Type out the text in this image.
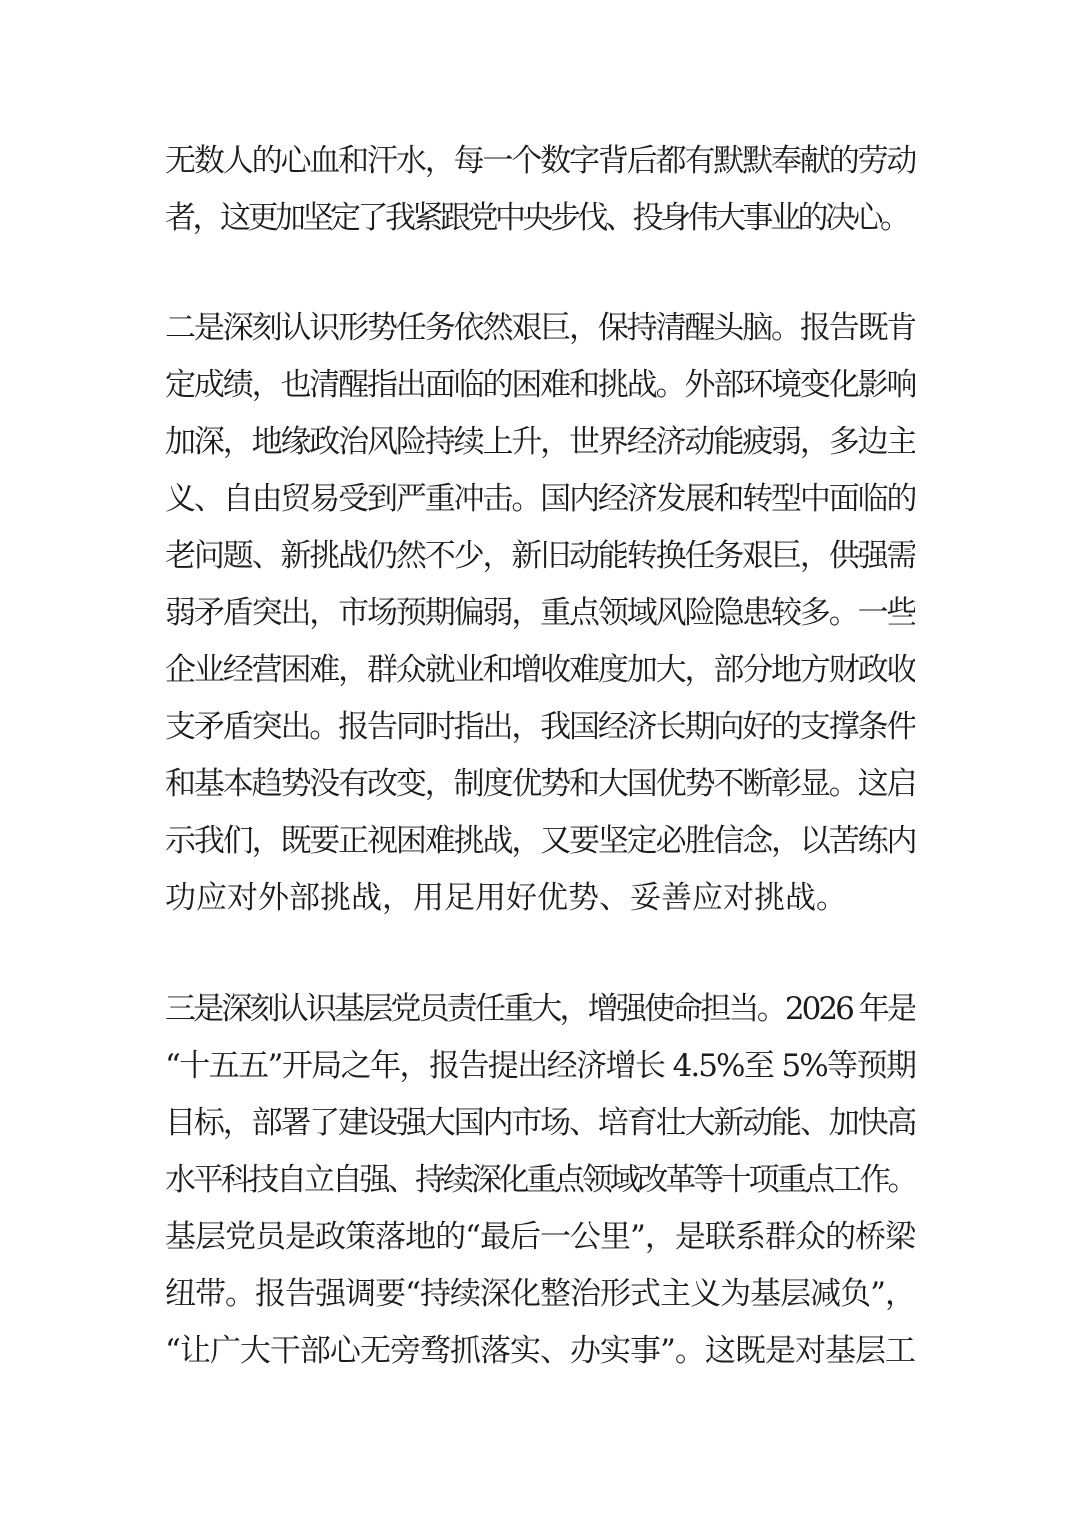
无数人的心血和汗水，每一个数字背后都有默默奉献的劳动
者，这更加坚定了我紧跟党中央步伐、投身伟大事业的决心。
二是深刻认识形势任务依然艰巨，保持清醒头脑。报告既肯
定成绩，也清醒指出面临的困难和挑战。外部环境变化影响
加深，地缘政治风险持续上升，世界经济动能疲弱，多边主
义、自由贸易受到严重冲击。国内经济发展和转型中面临的
老问题、新挑战仍然不少，新旧动能转换任务艰巨，供强需
弱矛盾突出，市场预期偏弱，重点领域风险隐患较多。一些
企业经营困难，群众就业和增收难度加大，部分地方财政收
支矛盾突出。报告同时指出，我国经济长期向好的支撑条件
和基本趋势没有改变，制度优势和大国优势不断彰显。这启
示我们，既要正视困难挑战，又要坚定必胜信念，以苦练内
功应对外部挑战，用足用好优势、妥善应对挑战。
三是深刻认识基层党员责任重大，增强使命担当。2026 年是
“十五五”开局之年，报告提出经济增长 4.5%至 5%等预期
目标，部署了建设强大国内市场、培育壮大新动能、加快高
水平科技自立自强、持续深化重点领域改革等十项重点工作。
基层党员是政策落地的“最后一公里”，是联系群众的桥梁
纽带。报告强调要“持续深化整治形式主义为基层减负”，
“让广大干部心无旁骛抓落实、办实事”。这既是对基层工
